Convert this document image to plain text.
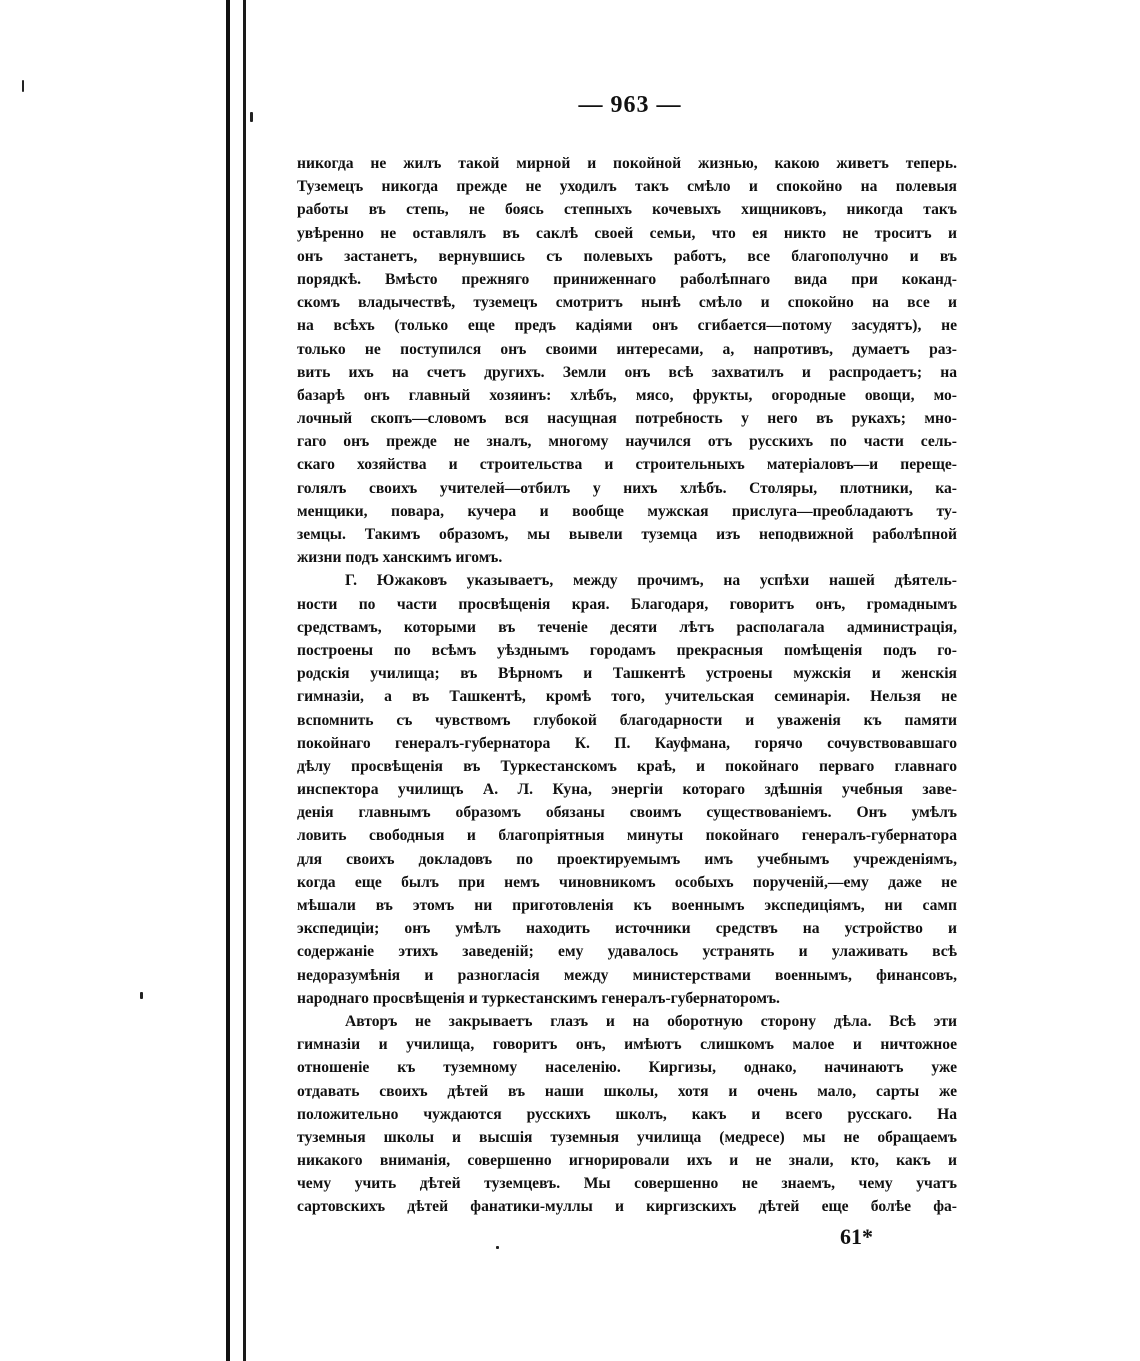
— 963 —
никогда не жилъ такой мирной и покойной жизнью, какою живетъ теперь.
Туземецъ никогда прежде не уходилъ такъ смѣло и спокойно на полевыя
работы въ степь, не боясь степныхъ кочевыхъ хищниковъ, никогда такъ
увѣренно не оставлялъ въ саклѣ своей семьи, что ея никто не троситъ и
онъ застанетъ, вернувшись съ полевыхъ работъ, все благополучно и въ
порядкѣ. Вмѣсто прежняго приниженнаго раболѣпнаго вида при коканд-
скомъ владычествѣ, туземецъ смотритъ нынѣ смѣло и спокойно на все и
на всѣхъ (только еще предъ кадіями онъ сгибается—потому засудятъ), не
только не поступился онъ своими интересами, а, напротивъ, думаетъ раз-
вить ихъ на счетъ другихъ. Земли онъ всѣ захватилъ и распродаетъ; на
базарѣ онъ главный хозяинъ: хлѣбъ, мясо, фрукты, огородные овощи, мо-
лочный скопъ—словомъ вся насущная потребность у него въ рукахъ; мно-
гаго онъ прежде не зналъ, многому научился отъ русскихъ по части сель-
скаго хозяйства и строительства и строительныхъ матеріаловъ—и переще-
голялъ своихъ учителей—отбилъ у нихъ хлѣбъ. Столяры, плотники, ка-
менщики, повара, кучера и вообще мужская прислуга—преобладаютъ ту-
земцы. Такимъ образомъ, мы вывели туземца изъ неподвижной раболѣпной
жизни подъ ханскимъ игомъ.
Г. Южаковъ указываетъ, между прочимъ, на успѣхи нашей дѣятель-
ности по части просвѣщенія края. Благодаря, говоритъ онъ, громаднымъ
средствамъ, которыми въ теченіе десяти лѣтъ располагала администрація,
построены по всѣмъ уѣзднымъ городамъ прекрасныя помѣщенія подъ го-
родскія училища; въ Вѣрномъ и Ташкентѣ устроены мужскія и женскія
гимназіи, а въ Ташкентѣ, кромѣ того, учительская семинарія. Нельзя не
вспомнить съ чувствомъ глубокой благодарности и уваженія къ памяти
покойнаго генералъ-губернатора К. П. Кауфмана, горячо сочувствовавшаго
дѣлу просвѣщенія въ Туркестанскомъ краѣ, и покойнаго перваго главнаго
инспектора училищъ А. Л. Куна, энергіи котораго здѣшнія учебныя заве-
денія главнымъ образомъ обязаны своимъ существованіемъ. Онъ умѣлъ
ловить свободныя и благопріятныя минуты покойнаго генералъ-губернатора
для своихъ докладовъ по проектируемымъ имъ учебнымъ учрежденіямъ,
когда еще былъ при немъ чиновникомъ особыхъ порученій,—ему даже не
мѣшали въ этомъ ни приготовленія къ военнымъ экспедиціямъ, ни самп
экспедиціи; онъ умѣлъ находить источники средствъ на устройство и
содержаніе этихъ заведеній; ему удавалось устранять и улаживать всѣ
недоразумѣнія и разногласія между министерствами военнымъ, финансовъ,
народнаго просвѣщенія и туркестанскимъ генералъ-губернаторомъ.
Авторъ не закрываетъ глазъ и на оборотную сторону дѣла. Всѣ эти
гимназіи и училища, говоритъ онъ, имѣютъ слишкомъ малое и ничтожное
отношеніе къ туземному населенію. Киргизы, однако, начинаютъ уже
отдавать своихъ дѣтей въ наши школы, хотя и очень мало, сарты же
положительно чуждаются русскихъ школъ, какъ и всего русскаго. На
туземныя школы и высшія туземныя училища (медресе) мы не обращаемъ
никакого вниманія, совершенно игнорировали ихъ и не знали, кто, какъ и
чему учить дѣтей туземцевъ. Мы совершенно не знаемъ, чему учатъ
сартовскихъ дѣтей фанатики-муллы и киргизскихъ дѣтей еще болѣе фа-
61*
